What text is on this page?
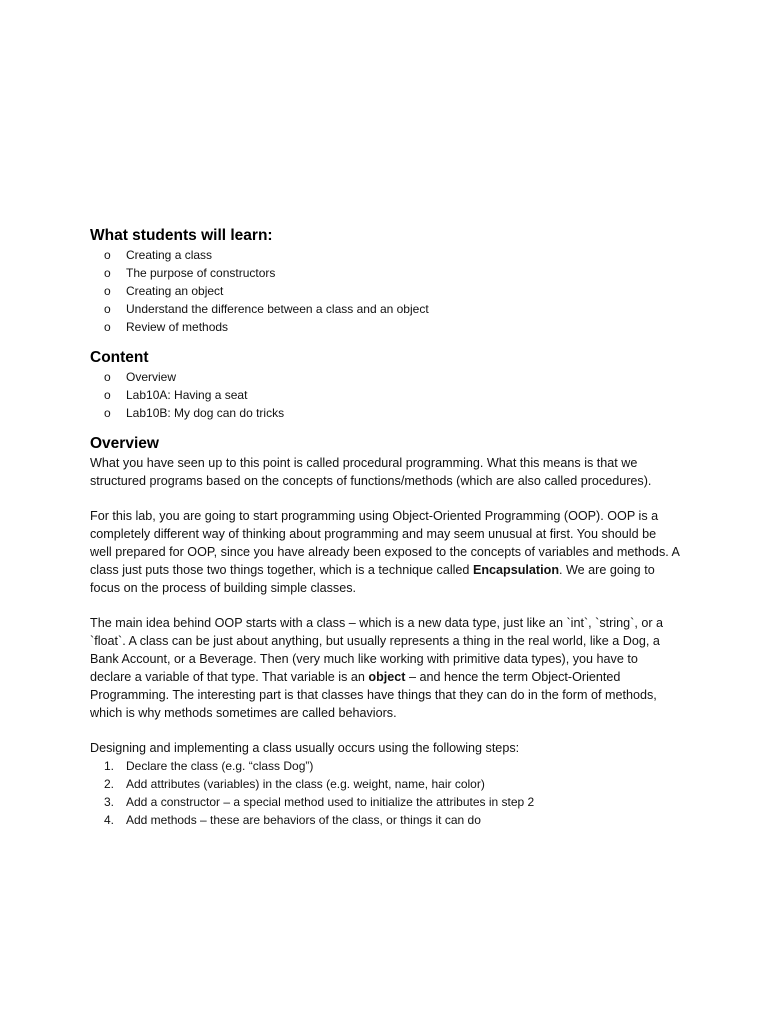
What students will learn:
o Creating a class
o The purpose of constructors
o Creating an object
o Understand the difference between a class and an object
o Review of methods
Content
o Overview
o Lab10A: Having a seat
o Lab10B: My dog can do tricks
Overview

What you have seen up to this point is called procedural programming. What this means is that we structured programs based on the concepts of functions/methods (which are also called procedures).

For this lab, you are going to start programming using Object-Oriented Programming (OOP). OOP is a completely different way of thinking about programming and may seem unusual at first. You should be well prepared for OOP, since you have already been exposed to the concepts of variables and methods. A class just puts those two things together, which is a technique called Encapsulation. We are going to focus on the process of building simple classes.

The main idea behind OOP starts with a class – which is a new data type, just like an `int`, `string`, or a `float`. A class can be just about anything, but usually represents a thing in the real world, like a Dog, a Bank Account, or a Beverage. Then (very much like working with primitive data types), you have to declare a variable of that type. That variable is an object – and hence the term Object-Oriented Programming. The interesting part is that classes have things that they can do in the form of methods, which is why methods sometimes are called behaviors.

Designing and implementing a class usually occurs using the following steps:

1. Declare the class (e.g. “class Dog”)
2. Add attributes (variables) in the class (e.g. weight, name, hair color)
3. Add a constructor – a special method used to initialize the attributes in step 2
4. Add methods – these are behaviors of the class, or things it can do
